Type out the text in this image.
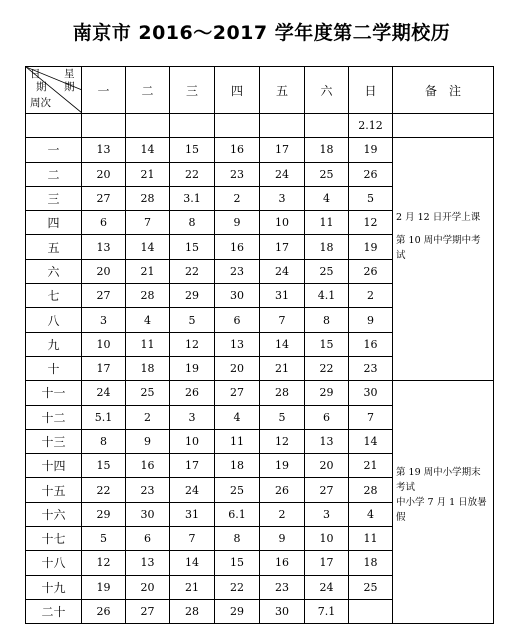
南京市 2016～2017 学年度第二学期校历
日 星
期 期
周次	一	二	三	四	五	六	日	备　注
							2.12	
一	13	14	15	16	17	18	19	2 月 12 日开学上课
第 10 周中学期中考试

二	20	21	22	23	24	25	26	
三	27	28	3.1	2	3	4	5	
四	6	7	8	9	10	11	12	
五	13	14	15	16	17	18	19	
六	20	21	22	23	24	25	26	
七	27	28	29	30	31	4.1	2	
八	3	4	5	6	7	8	9	
九	10	11	12	13	14	15	16	
十	17	18	19	20	21	22	23	
十一	24	25	26	27	28	29	30	第 19 周中小学期末考试
中小学 7 月 1 日放暑假

十二	5.1	2	3	4	5	6	7	
十三	8	9	10	11	12	13	14	
十四	15	16	17	18	19	20	21	
十五	22	23	24	25	26	27	28	
十六	29	30	31	6.1	2	3	4	
十七	5	6	7	8	9	10	11	
十八	12	13	14	15	16	17	18	
十九	19	20	21	22	23	24	25	
二十	26	27	28	29	30	7.1		
